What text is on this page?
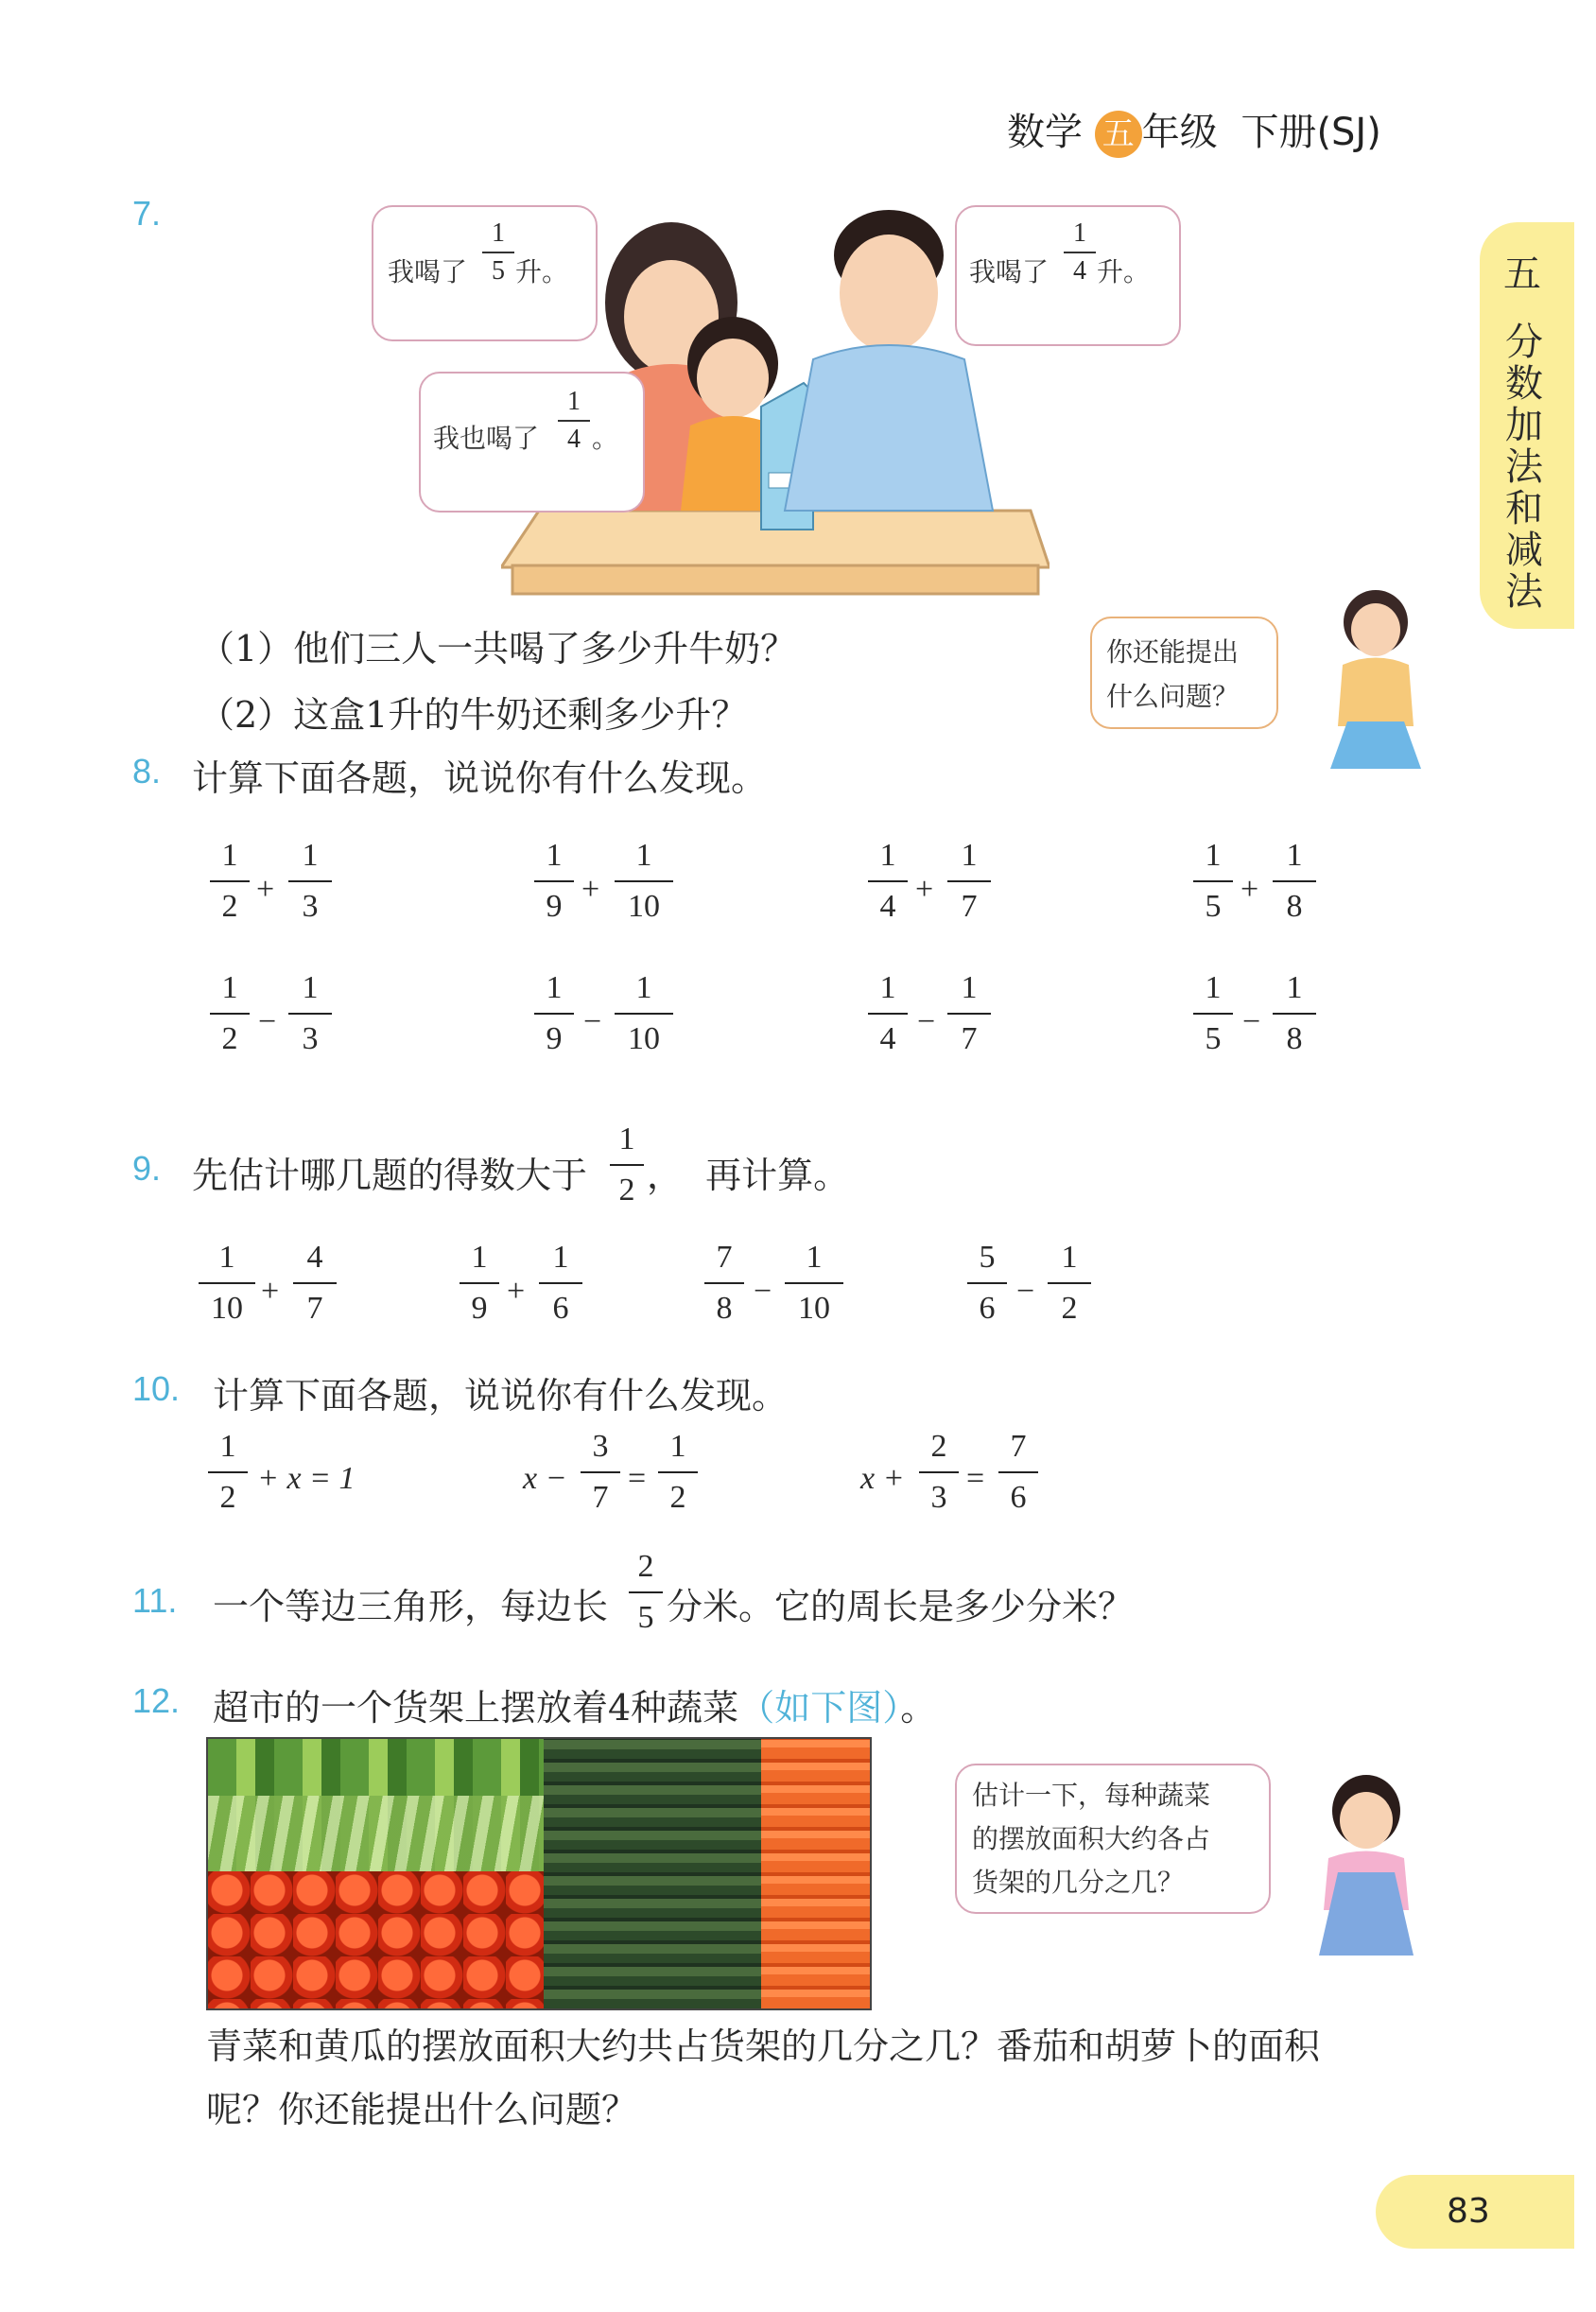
数学 五 年级 下册(SJ)
五
分数加法和减法
7.
我喝了
1
5 升。	我喝了
1
4 升。
我也喝了
1
4 。
（1）他们三人一共喝了多少升牛奶？
（2）这盒1升的牛奶还剩多少升？
你还能提出
什么问题？
8. 计算下面各题，说说你有什么发现。
1
2 +
1
3
1
9 +
1
10
1
4 +
1
7
1
5 +
1
8
1
2 −
1
3
1
9 −
1
10
1
4 −
1
7
1
5 −
1
8
9. 先估计哪几题的得数大于
1
2 ，  再计算。
1
10 +
4
7
1
9 +
1
6
7
8 −
1
10
5
6 −
1
2
10. 计算下面各题，说说你有什么发现。
1
2
+ x = 1	x −
3
7
=
1
2
x +
2
3
=
7
6
11. 一个等边三角形，每边长
2
5 分米。它的周长是多少分米？
12. 超市的一个货架上摆放着4种蔬菜（如下图）。
估计一下，每种蔬菜
的摆放面积大约各占
货架的几分之几？
青菜和黄瓜的摆放面积大约共占货架的几分之几？番茄和胡萝卜的面积
呢？你还能提出什么问题？
83
